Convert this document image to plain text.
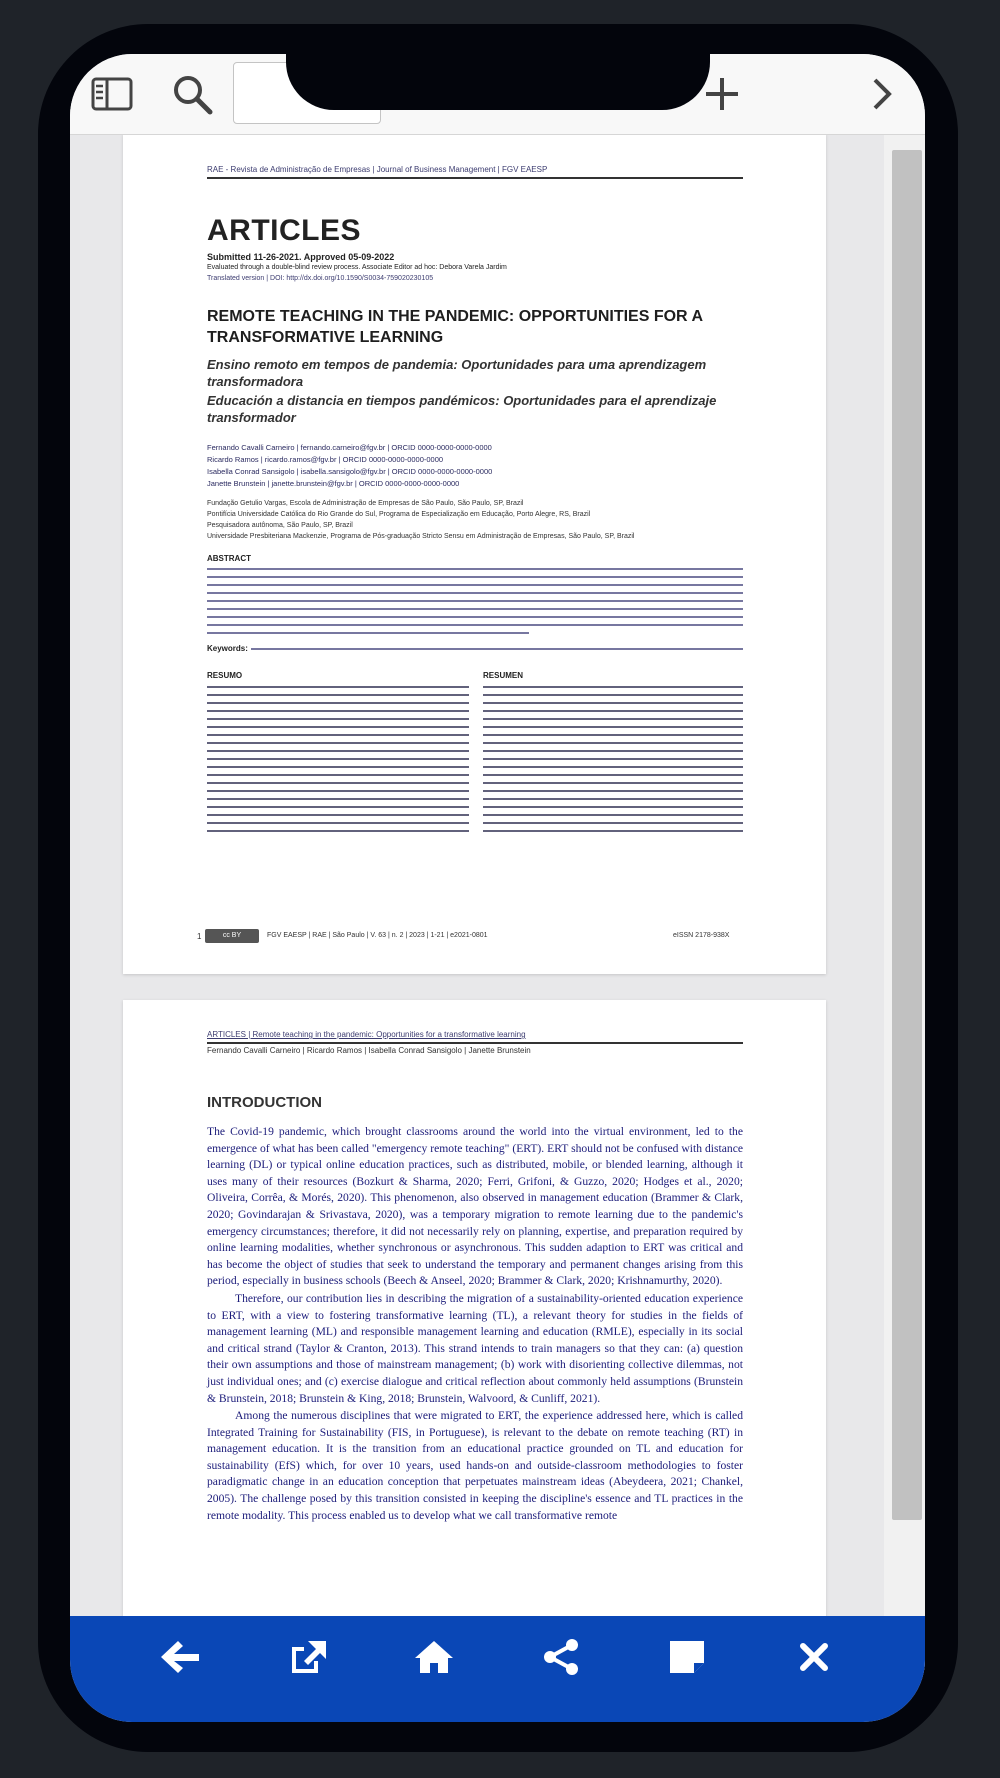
RAE - Revista de Administração de Empresas | Journal of Business Management | FGV EAESP
ARTICLES
Submitted 11-26-2021. Approved 05-09-2022
Evaluated through a double-blind review process. Associate Editor ad hoc: Debora Varela Jardim
Translated version | DOI: http://dx.doi.org/10.1590/S0034-759020230105
REMOTE TEACHING IN THE PANDEMIC: OPPORTUNITIES FOR A TRANSFORMATIVE LEARNING
Ensino remoto em tempos de pandemia: Oportunidades para uma aprendizagem transformadora
Educación a distancia en tiempos pandémicos: Oportunidades para el aprendizaje transformador
Fernando Cavalli Carneiro | fernando.carneiro@fgv.br | ORCID 0000-0000-0000-0000
Ricardo Ramos | ricardo.ramos@fgv.br | ORCID 0000-0000-0000-0000
Isabella Conrad Sansigolo | isabella.sansigolo@fgv.br | ORCID 0000-0000-0000-0000
Janette Brunstein | janette.brunstein@fgv.br | ORCID 0000-0000-0000-0000
Fundação Getulio Vargas, Escola de Administração de Empresas de São Paulo, São Paulo, SP, Brazil
Pontifícia Universidade Católica do Rio Grande do Sul, Programa de Especialização em Educação, Porto Alegre, RS, Brazil
Pesquisadora autônoma, São Paulo, SP, Brazil
Universidade Presbiteriana Mackenzie, Programa de Pós-graduação Stricto Sensu em Administração de Empresas, São Paulo, SP, Brazil
ABSTRACT
Keywords:
RESUMO	RESUMEN
1	cc BY	FGV EAESP | RAE | São Paulo | V. 63 | n. 2 | 2023 | 1-21 | e2021-0801	eISSN 2178-938X
ARTICLES | Remote teaching in the pandemic: Opportunities for a transformative learning
Fernando Cavalli Carneiro | Ricardo Ramos | Isabella Conrad Sansigolo | Janette Brunstein
INTRODUCTION

The Covid-19 pandemic, which brought classrooms around the world into the virtual environment, led to the emergence of what has been called "emergency remote teaching" (ERT). ERT should not be confused with distance learning (DL) or typical online education practices, such as distributed, mobile, or blended learning, although it uses many of their resources (Bozkurt & Sharma, 2020; Ferri, Grifoni, & Guzzo, 2020; Hodges et al., 2020; Oliveira, Corrêa, & Morés, 2020). This phenomenon, also observed in management education (Brammer & Clark, 2020; Govindarajan & Srivastava, 2020), was a temporary migration to remote learning due to the pandemic's emergency circumstances; therefore, it did not necessarily rely on planning, expertise, and preparation required by online learning modalities, whether synchronous or asynchronous. This sudden adaption to ERT was critical and has become the object of studies that seek to understand the temporary and permanent changes arising from this period, especially in business schools (Beech & Anseel, 2020; Brammer & Clark, 2020; Krishnamurthy, 2020).

Therefore, our contribution lies in describing the migration of a sustainability-oriented education experience to ERT, with a view to fostering transformative learning (TL), a relevant theory for studies in the fields of management learning (ML) and responsible management learning and education (RMLE), especially in its social and critical strand (Taylor & Cranton, 2013). This strand intends to train managers so that they can: (a) question their own assumptions and those of mainstream management; (b) work with disorienting collective dilemmas, not just individual ones; and (c) exercise dialogue and critical reflection about commonly held assumptions (Brunstein & Brunstein, 2018; Brunstein & King, 2018; Brunstein, Walvoord, & Cunliff, 2021).

Among the numerous disciplines that were migrated to ERT, the experience addressed here, which is called Integrated Training for Sustainability (FIS, in Portuguese), is relevant to the debate on remote teaching (RT) in management education. It is the transition from an educational practice grounded on TL and education for sustainability (EfS) which, for over 10 years, used hands-on and outside-classroom methodologies to foster paradigmatic change in an education conception that perpetuates mainstream ideas (Abeydeera, 2021; Chankel, 2005). The challenge posed by this transition consisted in keeping the discipline's essence and TL practices in the remote modality. This process enabled us to develop what we call transformative remote
